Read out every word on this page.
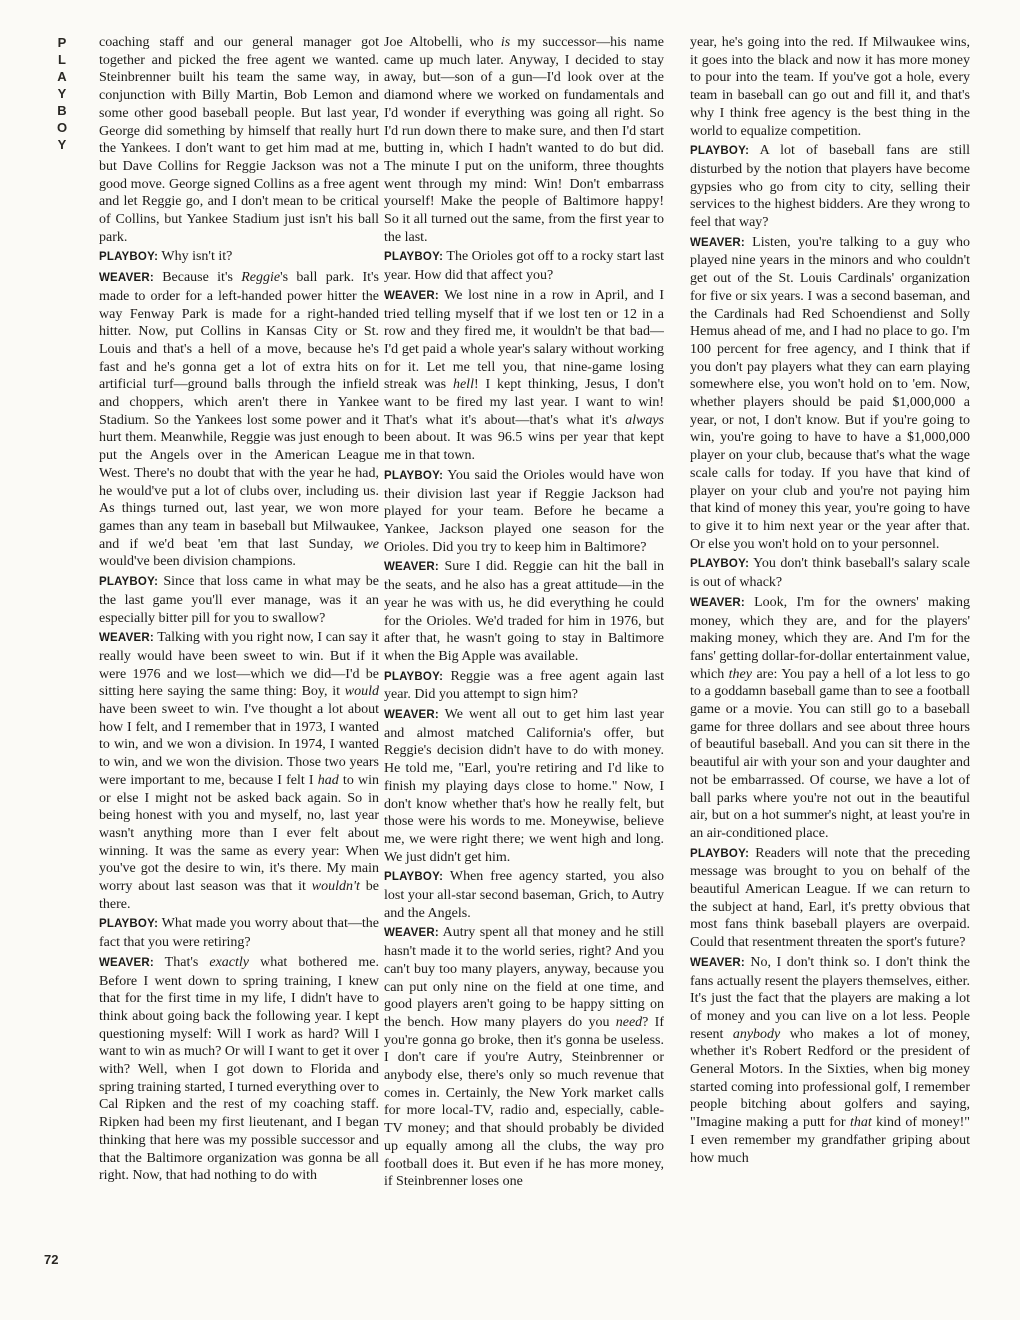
P
L
A
Y
B
O
Y

coaching staff and our general manager got together and picked the free agent we wanted. Steinbrenner built his team the same way, in conjunction with Billy Martin, Bob Lemon and some other good baseball people. But last year, George did something by himself that really hurt the Yankees. I don't want to get him mad at me, but Dave Collins for Reggie Jackson was not a good move. George signed Collins as a free agent and let Reggie go, and I don't mean to be critical of Collins, but Yankee Stadium just isn't his ball park.

PLAYBOY: Why isn't it?

WEAVER: Because it's Reggie's ball park. It's made to order for a left-handed power hitter the way Fenway Park is made for a right-handed hitter. Now, put Collins in Kansas City or St. Louis and that's a hell of a move, because he's fast and he's gonna get a lot of extra hits on artificial turf—ground balls through the infield and choppers, which aren't there in Yankee Stadium. So the Yankees lost some power and it hurt them. Meanwhile, Reggie was just enough to put the Angels over in the American League West. There's no doubt that with the year he had, he would've put a lot of clubs over, including us. As things turned out, last year, we won more games than any team in baseball but Milwaukee, and if we'd beat 'em that last Sunday, we would've been division champions.

PLAYBOY: Since that loss came in what may be the last game you'll ever manage, was it an especially bitter pill for you to swallow?

WEAVER: Talking with you right now, I can say it really would have been sweet to win. But if it were 1976 and we lost—which we did—I'd be sitting here saying the same thing: Boy, it would have been sweet to win. I've thought a lot about how I felt, and I remember that in 1973, I wanted to win, and we won a division. In 1974, I wanted to win, and we won the division. Those two years were important to me, because I felt I had to win or else I might not be asked back again. So in being honest with you and myself, no, last year wasn't anything more than I ever felt about winning. It was the same as every year: When you've got the desire to win, it's there. My main worry about last season was that it wouldn't be there.

PLAYBOY: What made you worry about that—the fact that you were retiring?

WEAVER: That's exactly what bothered me. Before I went down to spring training, I knew that for the first time in my life, I didn't have to think about going back the following year. I kept questioning myself: Will I work as hard? Will I want to win as much? Or will I want to get it over with? Well, when I got down to Florida and spring training started, I turned everything over to Cal Ripken and the rest of my coaching staff. Ripken had been my first lieutenant, and I began thinking that here was my possible successor and that the Baltimore organization was gonna be all right. Now, that had nothing to do with

Joe Altobelli, who is my successor—his name came up much later. Anyway, I decided to stay away, but—son of a gun—I'd look over at the diamond where we worked on fundamentals and I'd wonder if everything was going all right. So I'd run down there to make sure, and then I'd start butting in, which I hadn't wanted to do but did. The minute I put on the uniform, three thoughts went through my mind: Win! Don't embarrass yourself! Make the people of Baltimore happy! So it all turned out the same, from the first year to the last.

PLAYBOY: The Orioles got off to a rocky start last year. How did that affect you?

WEAVER: We lost nine in a row in April, and I tried telling myself that if we lost ten or 12 in a row and they fired me, it wouldn't be that bad—I'd get paid a whole year's salary without working for it. Let me tell you, that nine-game losing streak was hell! I kept thinking, Jesus, I don't want to be fired my last year. I want to win! That's what it's about—that's what it's always been about. It was 96.5 wins per year that kept me in that town.

PLAYBOY: You said the Orioles would have won their division last year if Reggie Jackson had played for your team. Before he became a Yankee, Jackson played one season for the Orioles. Did you try to keep him in Baltimore?

WEAVER: Sure I did. Reggie can hit the ball in the seats, and he also has a great attitude—in the year he was with us, he did everything he could for the Orioles. We'd traded for him in 1976, but after that, he wasn't going to stay in Baltimore when the Big Apple was available.

PLAYBOY: Reggie was a free agent again last year. Did you attempt to sign him?

WEAVER: We went all out to get him last year and almost matched California's offer, but Reggie's decision didn't have to do with money. He told me, "Earl, you're retiring and I'd like to finish my playing days close to home." Now, I don't know whether that's how he really felt, but those were his words to me. Moneywise, believe me, we were right there; we went high and long. We just didn't get him.

PLAYBOY: When free agency started, you also lost your all-star second baseman, Grich, to Autry and the Angels.

WEAVER: Autry spent all that money and he still hasn't made it to the world series, right? And you can't buy too many players, anyway, because you can put only nine on the field at one time, and good players aren't going to be happy sitting on the bench. How many players do you need? If you're gonna go broke, then it's gonna be useless. I don't care if you're Autry, Steinbrenner or anybody else, there's only so much revenue that comes in. Certainly, the New York market calls for more local-TV, radio and, especially, cable-TV money; and that should probably be divided up equally among all the clubs, the way pro football does it. But even if he has more money, if Steinbrenner loses one

year, he's going into the red. If Milwaukee wins, it goes into the black and now it has more money to pour into the team. If you've got a hole, every team in baseball can go out and fill it, and that's why I think free agency is the best thing in the world to equalize competition.

PLAYBOY: A lot of baseball fans are still disturbed by the notion that players have become gypsies who go from city to city, selling their services to the highest bidders. Are they wrong to feel that way?

WEAVER: Listen, you're talking to a guy who played nine years in the minors and who couldn't get out of the St. Louis Cardinals' organization for five or six years. I was a second baseman, and the Cardinals had Red Schoendienst and Solly Hemus ahead of me, and I had no place to go. I'm 100 percent for free agency, and I think that if you don't pay players what they can earn playing somewhere else, you won't hold on to 'em. Now, whether players should be paid $1,000,000 a year, or not, I don't know. But if you're going to win, you're going to have to have a $1,000,000 player on your club, because that's what the wage scale calls for today. If you have that kind of player on your club and you're not paying him that kind of money this year, you're going to have to give it to him next year or the year after that. Or else you won't hold on to your personnel.

PLAYBOY: You don't think baseball's salary scale is out of whack?

WEAVER: Look, I'm for the owners' making money, which they are, and for the players' making money, which they are. And I'm for the fans' getting dollar-for-dollar entertainment value, which they are: You pay a hell of a lot less to go to a goddamn baseball game than to see a football game or a movie. You can still go to a baseball game for three dollars and see about three hours of beautiful baseball. And you can sit there in the beautiful air with your son and your daughter and not be embarrassed. Of course, we have a lot of ball parks where you're not out in the beautiful air, but on a hot summer's night, at least you're in an air-conditioned place.

PLAYBOY: Readers will note that the preceding message was brought to you on behalf of the beautiful American League. If we can return to the subject at hand, Earl, it's pretty obvious that most fans think baseball players are overpaid. Could that resentment threaten the sport's future?

WEAVER: No, I don't think so. I don't think the fans actually resent the players themselves, either. It's just the fact that the players are making a lot of money and you can live on a lot less. People resent anybody who makes a lot of money, whether it's Robert Redford or the president of General Motors. In the Sixties, when big money started coming into professional golf, I remember people bitching about golfers and saying, "Imagine making a putt for that kind of money!" I even remember my grandfather griping about how much

72
